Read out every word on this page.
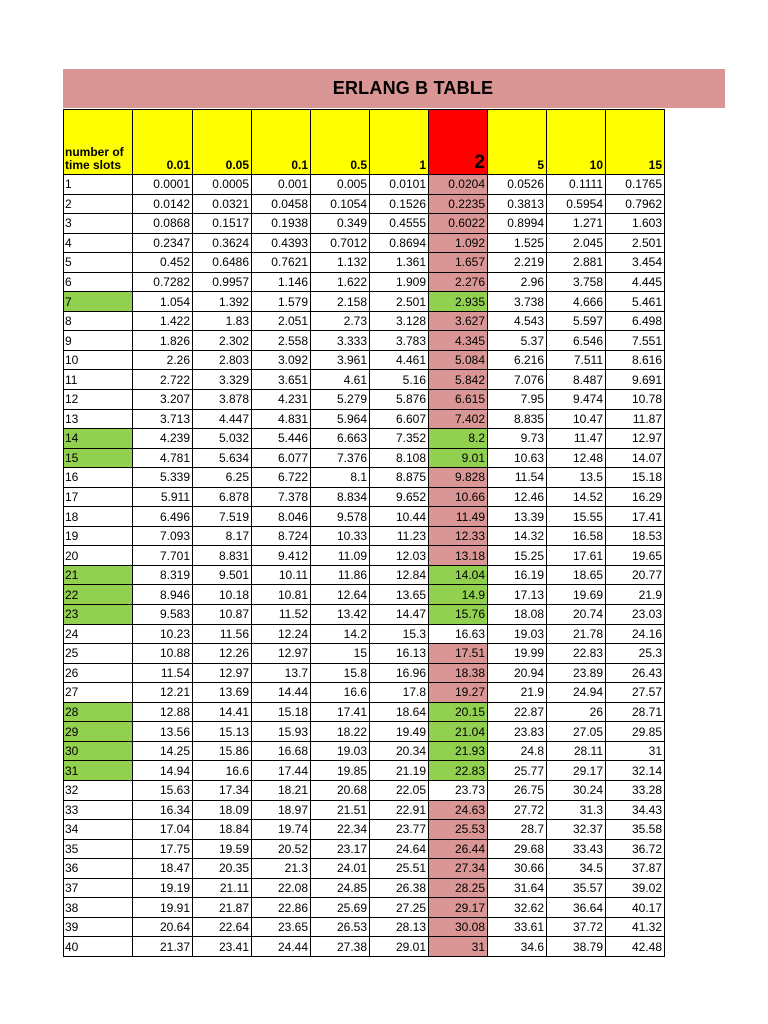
ERLANG B TABLE
number of time slots	0.01	0.05	0.1	0.5	1	2	5	10	15
1	0.0001	0.0005	0.001	0.005	0.0101	0.0204	0.0526	0.1111	0.1765
2	0.0142	0.0321	0.0458	0.1054	0.1526	0.2235	0.3813	0.5954	0.7962
3	0.0868	0.1517	0.1938	0.349	0.4555	0.6022	0.8994	1.271	1.603
4	0.2347	0.3624	0.4393	0.7012	0.8694	1.092	1.525	2.045	2.501
5	0.452	0.6486	0.7621	1.132	1.361	1.657	2.219	2.881	3.454
6	0.7282	0.9957	1.146	1.622	1.909	2.276	2.96	3.758	4.445
7	1.054	1.392	1.579	2.158	2.501	2.935	3.738	4.666	5.461
8	1.422	1.83	2.051	2.73	3.128	3.627	4.543	5.597	6.498
9	1.826	2.302	2.558	3.333	3.783	4.345	5.37	6.546	7.551
10	2.26	2.803	3.092	3.961	4.461	5.084	6.216	7.511	8.616
11	2.722	3.329	3.651	4.61	5.16	5.842	7.076	8.487	9.691
12	3.207	3.878	4.231	5.279	5.876	6.615	7.95	9.474	10.78
13	3.713	4.447	4.831	5.964	6.607	7.402	8.835	10.47	11.87
14	4.239	5.032	5.446	6.663	7.352	8.2	9.73	11.47	12.97
15	4.781	5.634	6.077	7.376	8.108	9.01	10.63	12.48	14.07
16	5.339	6.25	6.722	8.1	8.875	9.828	11.54	13.5	15.18
17	5.911	6.878	7.378	8.834	9.652	10.66	12.46	14.52	16.29
18	6.496	7.519	8.046	9.578	10.44	11.49	13.39	15.55	17.41
19	7.093	8.17	8.724	10.33	11.23	12.33	14.32	16.58	18.53
20	7.701	8.831	9.412	11.09	12.03	13.18	15.25	17.61	19.65
21	8.319	9.501	10.11	11.86	12.84	14.04	16.19	18.65	20.77
22	8.946	10.18	10.81	12.64	13.65	14.9	17.13	19.69	21.9
23	9.583	10.87	11.52	13.42	14.47	15.76	18.08	20.74	23.03
24	10.23	11.56	12.24	14.2	15.3	16.63	19.03	21.78	24.16
25	10.88	12.26	12.97	15	16.13	17.51	19.99	22.83	25.3
26	11.54	12.97	13.7	15.8	16.96	18.38	20.94	23.89	26.43
27	12.21	13.69	14.44	16.6	17.8	19.27	21.9	24.94	27.57
28	12.88	14.41	15.18	17.41	18.64	20.15	22.87	26	28.71
29	13.56	15.13	15.93	18.22	19.49	21.04	23.83	27.05	29.85
30	14.25	15.86	16.68	19.03	20.34	21.93	24.8	28.11	31
31	14.94	16.6	17.44	19.85	21.19	22.83	25.77	29.17	32.14
32	15.63	17.34	18.21	20.68	22.05	23.73	26.75	30.24	33.28
33	16.34	18.09	18.97	21.51	22.91	24.63	27.72	31.3	34.43
34	17.04	18.84	19.74	22.34	23.77	25.53	28.7	32.37	35.58
35	17.75	19.59	20.52	23.17	24.64	26.44	29.68	33.43	36.72
36	18.47	20.35	21.3	24.01	25.51	27.34	30.66	34.5	37.87
37	19.19	21.11	22.08	24.85	26.38	28.25	31.64	35.57	39.02
38	19.91	21.87	22.86	25.69	27.25	29.17	32.62	36.64	40.17
39	20.64	22.64	23.65	26.53	28.13	30.08	33.61	37.72	41.32
40	21.37	23.41	24.44	27.38	29.01	31	34.6	38.79	42.48
